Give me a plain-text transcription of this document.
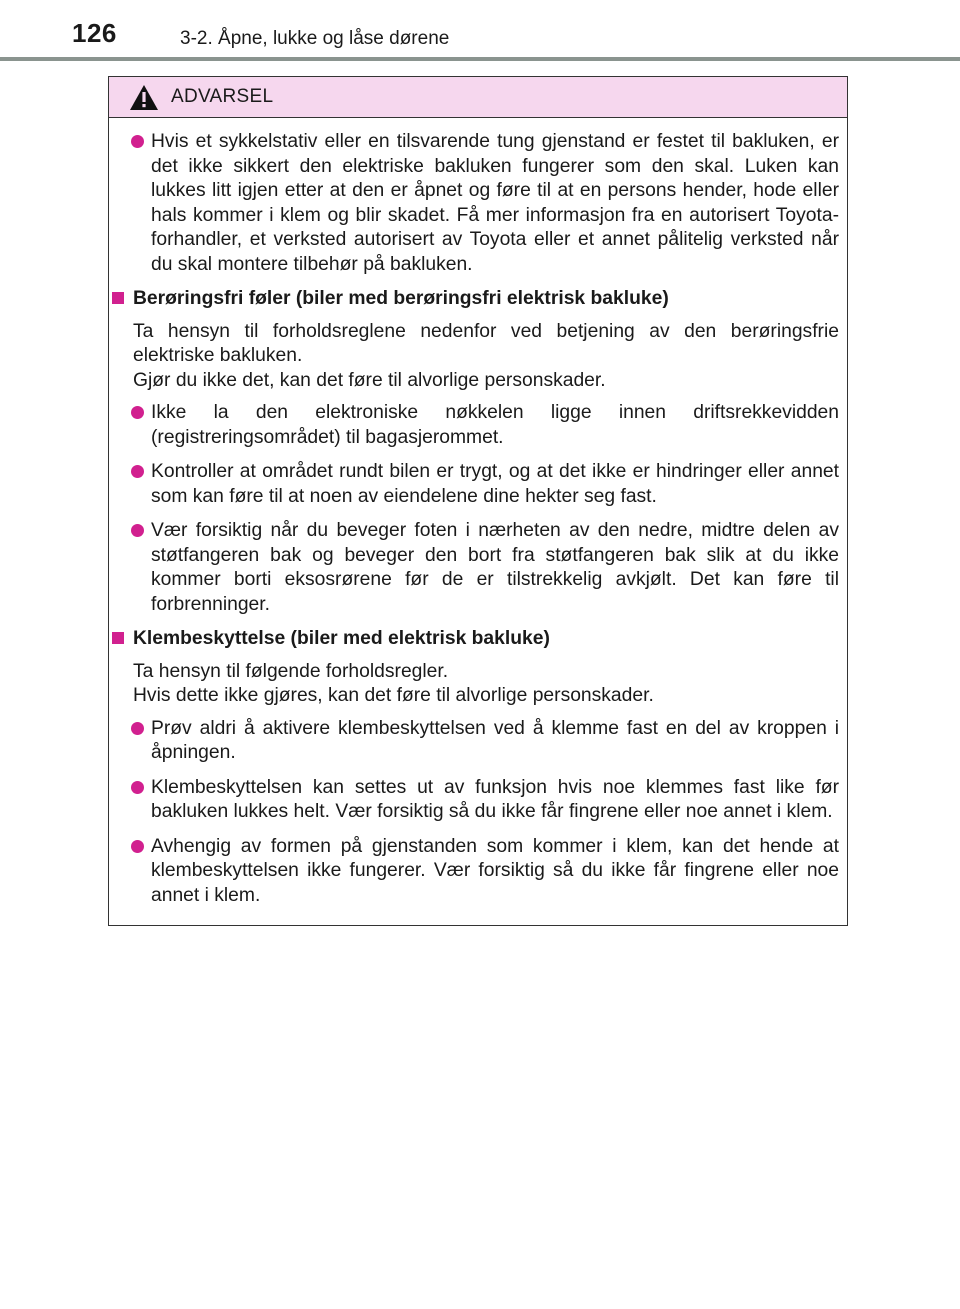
126	3-2. Åpne, lukke og låse dørene
ADVARSEL
Hvis et sykkelstativ eller en tilsvarende tung gjenstand er festet til bakluken, er det ikke sikkert den elektriske bakluken fungerer som den skal. Luken kan lukkes litt igjen etter at den er åpnet og føre til at en persons hender, hode eller hals kommer i klem og blir skadet. Få mer informasjon fra en autorisert Toyota-forhandler, et verksted autorisert av Toyota eller et annet pålitelig verksted når du skal montere tilbehør på bakluken.
Berøringsfri føler (biler med berøringsfri elektrisk bakluke)
Ta hensyn til forholdsreglene nedenfor ved betjening av den berøringsfrie elektriske bakluken.
Gjør du ikke det, kan det føre til alvorlige personskader.
Ikke la den elektroniske nøkkelen ligge innen driftsrekkevidden (registreringsområdet) til bagasjerommet.
Kontroller at området rundt bilen er trygt, og at det ikke er hindringer eller annet som kan føre til at noen av eiendelene dine hekter seg fast.
Vær forsiktig når du beveger foten i nærheten av den nedre, midtre delen av støtfangeren bak og beveger den bort fra støtfangeren bak slik at du ikke kommer borti eksosrørene før de er tilstrekkelig avkjølt. Det kan føre til forbrenninger.
Klembeskyttelse (biler med elektrisk bakluke)
Ta hensyn til følgende forholdsregler.
Hvis dette ikke gjøres, kan det føre til alvorlige personskader.
Prøv aldri å aktivere klembeskyttelsen ved å klemme fast en del av kroppen i åpningen.
Klembeskyttelsen kan settes ut av funksjon hvis noe klemmes fast like før bakluken lukkes helt. Vær forsiktig så du ikke får fingrene eller noe annet i klem.
Avhengig av formen på gjenstanden som kommer i klem, kan det hende at klembeskyttelsen ikke fungerer. Vær forsiktig så du ikke får fingrene eller noe annet i klem.
